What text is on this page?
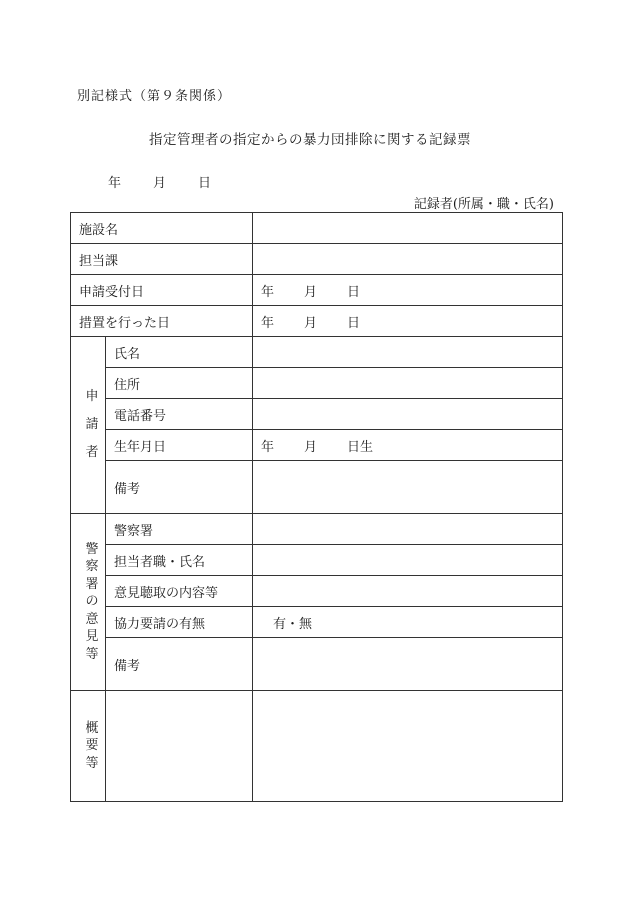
別記様式（第９条関係）
指定管理者の指定からの暴力団排除に関する記録票
年 月 日
記録者(所属・職・氏名)
施設名		
担当課		
申請受付日		年 月 日
措置を行った日		年 月 日
申請者	氏名	
	住所	
	電話番号	
	生年月日	年 月 日生
	備考	
警察署の意見等	警察署	
	担当者職・氏名	
	意見聴取の内容等	
	協力要請の有無	有・無
	備考	
概要等		
